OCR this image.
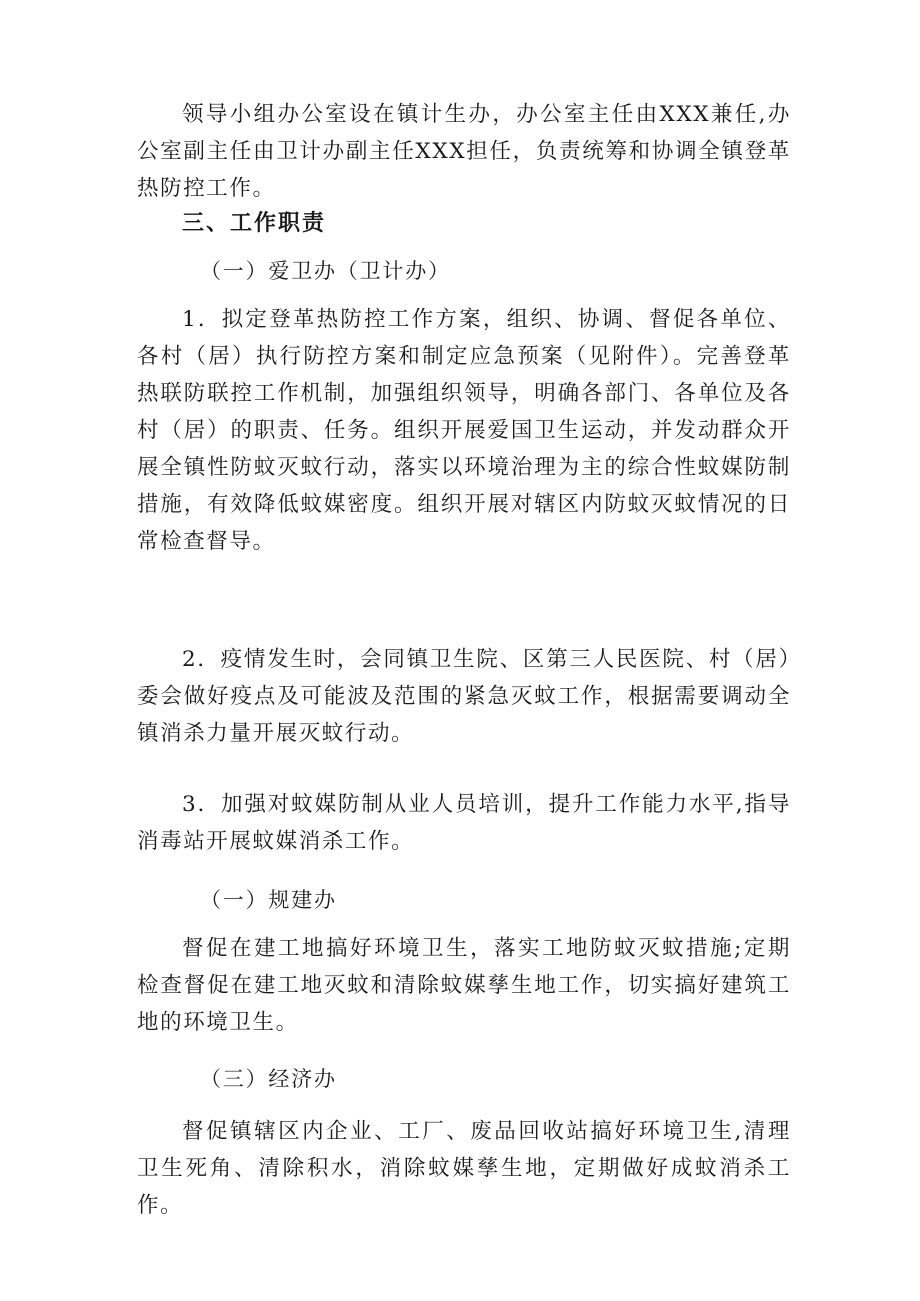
领导小组办公室设在镇计生办，办公室主任由XXX兼任,办公室副主任由卫计办副主任XXX担任，负责统筹和协调全镇登革热防控工作。

三、工作职责

（一）爱卫办（卫计办）

1．拟定登革热防控工作方案，组织、协调、督促各单位、各村（居）执行防控方案和制定应急预案（见附件）。完善登革热联防联控工作机制，加强组织领导，明确各部门、各单位及各村（居）的职责、任务。组织开展爱国卫生运动，并发动群众开展全镇性防蚊灭蚊行动，落实以环境治理为主的综合性蚊媒防制措施，有效降低蚊媒密度。组织开展对辖区内防蚊灭蚊情况的日常检查督导。

2．疫情发生时，会同镇卫生院、区第三人民医院、村（居）委会做好疫点及可能波及范围的紧急灭蚊工作，根据需要调动全镇消杀力量开展灭蚊行动。

3．加强对蚊媒防制从业人员培训，提升工作能力水平,指导消毒站开展蚊媒消杀工作。

（一）规建办

督促在建工地搞好环境卫生，落实工地防蚊灭蚊措施;定期检查督促在建工地灭蚊和清除蚊媒孳生地工作，切实搞好建筑工地的环境卫生。

（三）经济办

督促镇辖区内企业、工厂、废品回收站搞好环境卫生,清理卫生死角、清除积水，消除蚊媒孳生地，定期做好成蚊消杀工作。
